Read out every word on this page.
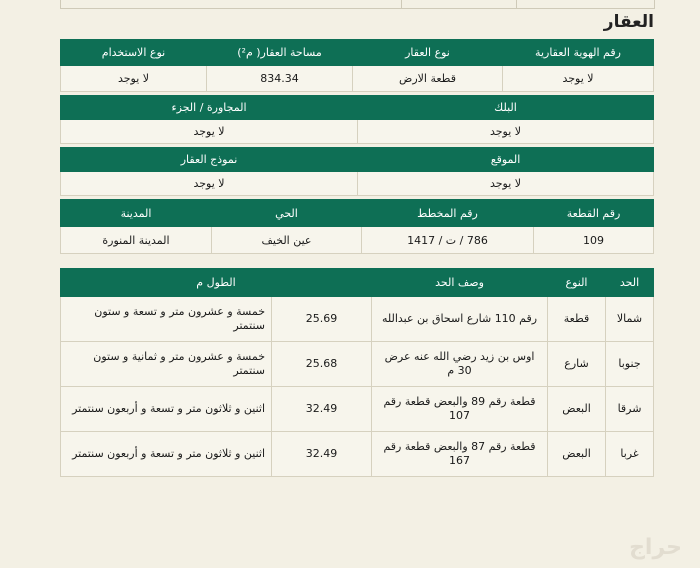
العقار
رقم الهوية العقارية	نوع العقار	مساحة العقار( م²)	نوع الاستخدام
لا يوجد	قطعة الارض	834.34	لا يوجد
البلك	المجاورة / الجزء
لا يوجد	لا يوجد
الموقع	نموذج العقار
لا يوجد	لا يوجد
رقم القطعة	رقم المخطط	الحي	المدينة
109	786 / ت / 1417	عين الخيف	المدينة المنورة
الحد	النوع	وصف الحد	الطول م	
شمالا	قطعة	رقم 110 شارع اسحاق بن عبدالله	25.69	خمسة و عشرون متر و تسعة و ستون سنتمتر
جنوبا	شارع	اوس بن زيد رضي الله عنه عرض 30 م	25.68	خمسة و عشرون متر و ثمانية و ستون سنتمتر
شرقا	البعض	قطعة رقم 89 والبعض قطعة رقم 107	32.49	اثنين و ثلاثون متر و تسعة و أربعون سنتمتر
غربا	البعض	قطعة رقم 87 والبعض قطعة رقم 167	32.49	اثنين و ثلاثون متر و تسعة و أربعون سنتمتر
حراج
